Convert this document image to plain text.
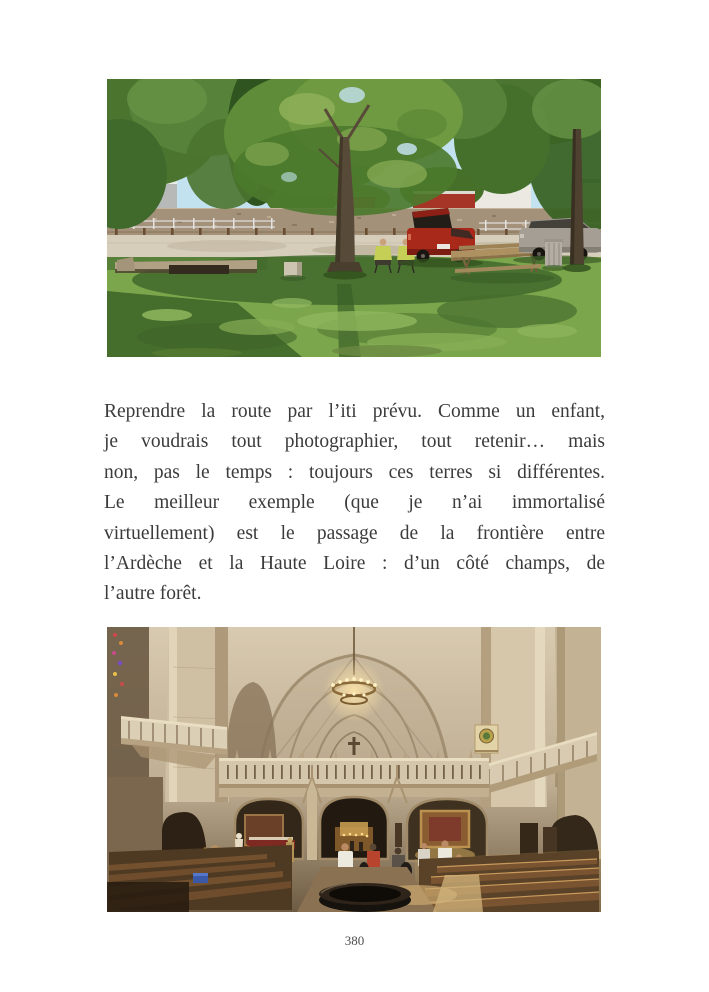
Reprendre la route par l’iti prévu. Comme un enfant,
je voudrais tout photographier, tout retenir… mais
non, pas le temps : toujours ces terres si différentes.
Le meilleur exemple (que je n’ai immortalisé
virtuellement) est le passage de la frontière entre
l’Ardèche et la Haute Loire : d’un côté champs, de
l’autre forêt.
380
